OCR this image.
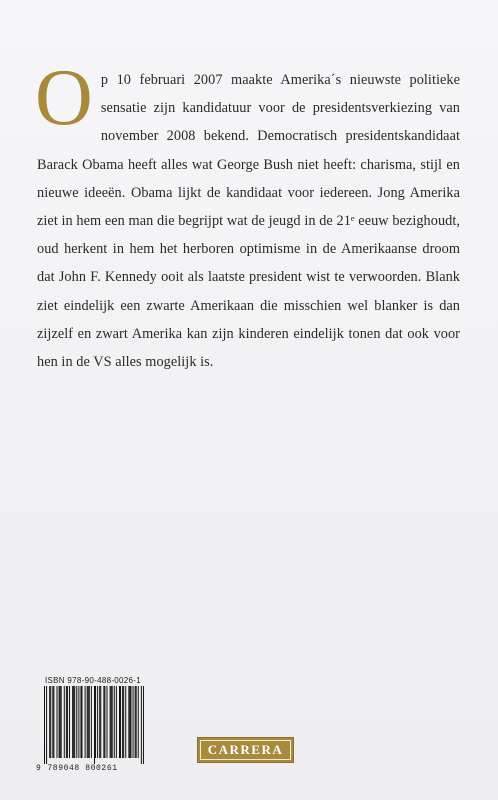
O p 10 februari 2007 maakte Amerika´s nieuwste politieke sensatie zijn kandidatuur voor de presidentsverkiezing van november 2008 bekend. Democratisch presidentskandidaat Barack Obama heeft alles wat George Bush niet heeft: charisma, stijl en nieuwe ideeën. Obama lijkt de kandidaat voor iedereen. Jong Amerika ziet in hem een man die begrijpt wat de jeugd in de 21ᵉ eeuw bezighoudt, oud herkent in hem het herboren optimisme in de Amerikaanse droom dat John F. Kennedy ooit als laatste president wist te verwoorden. Blank ziet eindelijk een zwarte Amerikaan die misschien wel blanker is dan zijzelf en zwart Amerika kan zijn kinderen eindelijk tonen dat ook voor hen in de VS alles mogelijk is.

ISBN 978-90-488-0026-1
9 789048 800261
CARRERA
